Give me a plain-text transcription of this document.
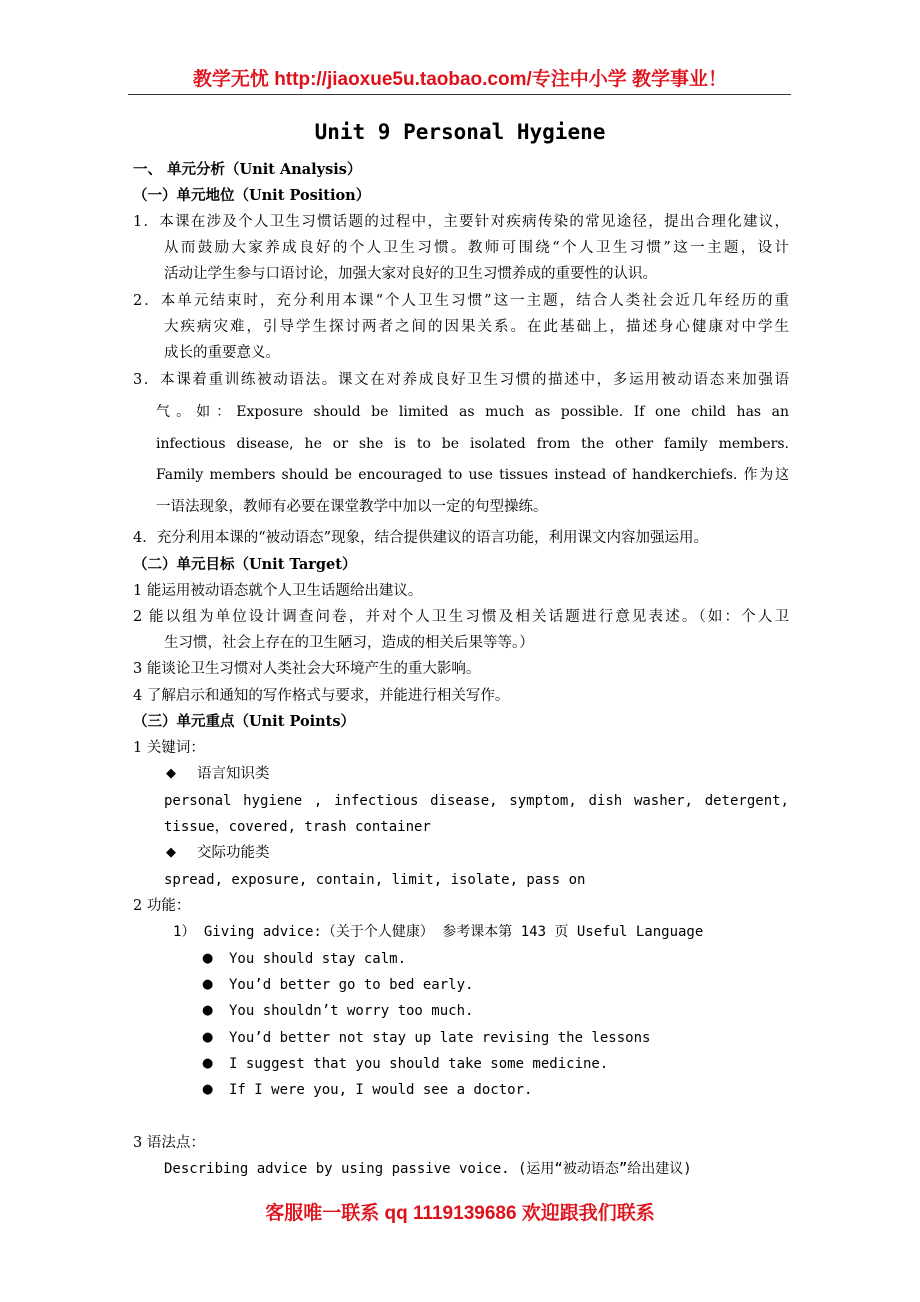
教学无忧 http://jiaoxue5u.taobao.com/专注中小学 教学事业！
Unit 9 Personal Hygiene
一、 单元分析（Unit Analysis）
（一）单元地位（Unit Position）
1．本课在涉及个人卫生习惯话题的过程中，主要针对疾病传染的常见途径，提出合理化建议，
从而鼓励大家养成良好的个人卫生习惯。教师可围绕“个人卫生习惯”这一主题，设计
活动让学生参与口语讨论，加强大家对良好的卫生习惯养成的重要性的认识。
2．本单元结束时，充分利用本课“个人卫生习惯”这一主题，结合人类社会近几年经历的重
大疾病灾难，引导学生探讨两者之间的因果关系。在此基础上，描述身心健康对中学生
成长的重要意义。
3．本课着重训练被动语法。课文在对养成良好卫生习惯的描述中，多运用被动语态来加强语
气。如：Exposure should be limited as much as possible. If one child has an
infectious disease, he or she is to be isolated from the other family members.
Family members should be encouraged to use tissues instead of handkerchiefs. 作为这
一语法现象，教师有必要在课堂教学中加以一定的句型操练。
4．充分利用本课的“被动语态”现象，结合提供建议的语言功能，利用课文内容加强运用。
（二）单元目标（Unit Target）
1 能运用被动语态就个人卫生话题给出建议。
2 能以组为单位设计调查问卷，并对个人卫生习惯及相关话题进行意见表述。（如：个人卫
生习惯，社会上存在的卫生陋习，造成的相关后果等等。）
3 能谈论卫生习惯对人类社会大环境产生的重大影响。
4 了解启示和通知的写作格式与要求，并能进行相关写作。
（三）单元重点（Unit Points）
1 关键词：
◆ 语言知识类
personal hygiene , infectious disease, symptom, dish washer, detergent,
tissue，covered, trash container
◆ 交际功能类
spread, exposure, contain, limit, isolate, pass on
2 功能：
1） Giving advice:（关于个人健康） 参考课本第 143 页 Useful Language
● You should stay calm.
● You’d better go to bed early.
● You shouldn’t worry too much.
● You’d better not stay up late revising the lessons
● I suggest that you should take some medicine.
● If I were you, I would see a doctor.
3 语法点：
Describing advice by using passive voice. (运用“被动语态”给出建议)
客服唯一联系 qq 1119139686 欢迎跟我们联系
